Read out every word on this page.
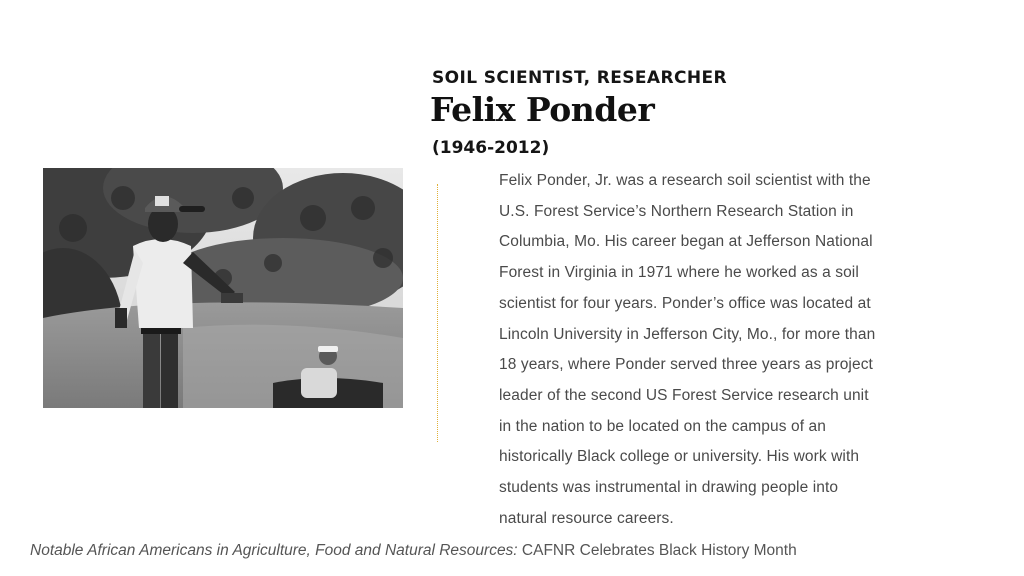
SOIL SCIENTIST, RESEARCHER
Felix Ponder
(1946-2012)
Felix Ponder, Jr. was a research soil scientist with the
U.S. Forest Service’s Northern Research Station in
Columbia, Mo. His career began at Jefferson National
Forest in Virginia in 1971 where he worked as a soil
scientist for four years. Ponder’s office was located at
Lincoln University in Jefferson City, Mo., for more than
18 years, where Ponder served three years as project
leader of the second US Forest Service research unit
in the nation to be located on the campus of an
historically Black college or university. His work with
students was instrumental in drawing people into
natural resource careers.
Notable African Americans in Agriculture, Food and Natural Resources: CAFNR Celebrates Black History Month
